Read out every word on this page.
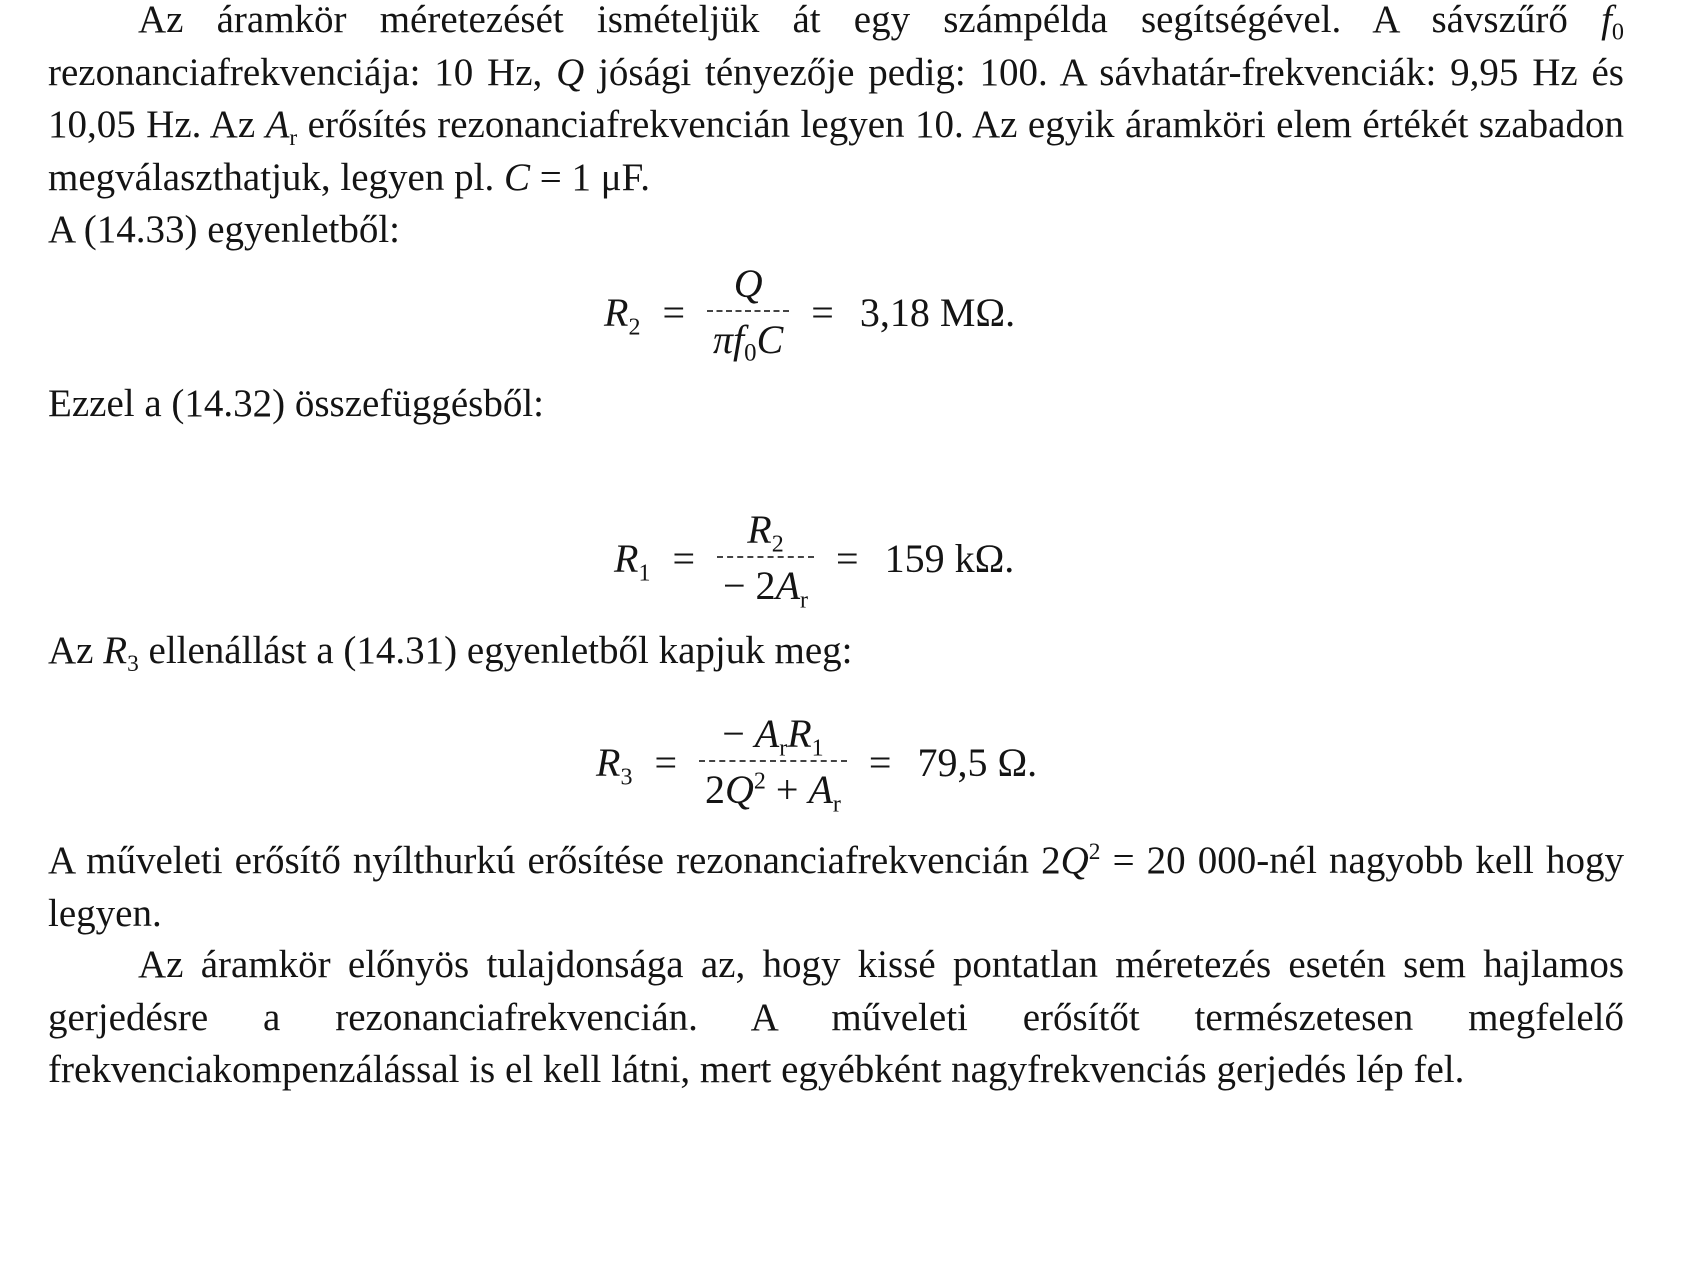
Az áramkör méretezését ismételjük át egy számpélda segítségével. A sávszűrő f0 rezonanciafrekvenciája: 10 Hz, Q jósági tényezője pedig: 100. A sávhatár-frekvenciák: 9,95 Hz és 10,05 Hz. Az $A_r$ erősítés rezonanciafrekvencián legyen 10. Az egyik áramköri elem értékét szabadon megválaszthatjuk, legyen pl. C = 1 μF.
A (14.33) egyenletből:

$R_2 = \frac{Q}{\pi f0C} = 3,18$ MΩ.

Ezzel a (14.32) összefüggésből:

$R_1 = \frac{R_2}{- 2A_r} = 159$ kΩ.

Az $R_3$ ellenállást a (14.31) egyenletből kapjuk meg:

$R_3 = \frac{- A_rR_1}{2Q^2 + A_r} = 79,5$ Ω.

A műveleti erősítő nyílthurkú erősítése rezonanciafrekvencián $2Q^2 = 20$ 000-nél nagyobb kell hogy legyen.

Az áramkör előnyös tulajdonsága az, hogy kissé pontatlan méretezés esetén sem hajlamos gerjedésre a rezonanciafrekvencián. A műveleti erősítőt természetesen megfelelő frekvenciakompenzálással is el kell látni, mert egyébként nagyfrekvenciás gerjedés lép fel.
